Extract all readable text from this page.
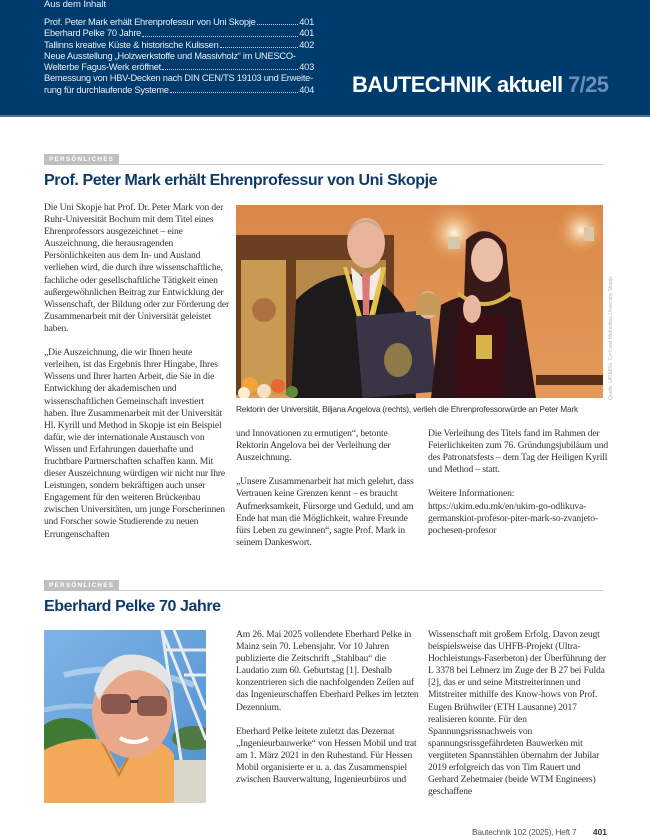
Aus dem Inhalt
Prof. Peter Mark erhält Ehrenprofessur von Uni Skopje	401
Eberhard Pelke 70 Jahre	401
Tallinns kreative Küste & historische Kulissen	402
Neue Ausstellung „Holzwerkstoffe und Massivholz“ im UNESCO-
Welterbe Fagus-Werk eröffnet	403
Bemessung von HBV-Decken nach DIN CEN/TS 19103 und Erweite-
rung für durchlaufende Systeme	404 BAUTECHNIK aktuell 7/25
PERSÖNLICHES
Prof. Peter Mark erhält Ehrenprofessur von Uni Skopje

Die Uni Skopje hat Prof. Dr. Peter Mark von der Ruhr-Universität Bochum mit dem Titel eines Ehrenprofessors ausgezeichnet – eine Auszeichnung, die herausragenden Persönlichkeiten aus dem In- und Ausland verliehen wird, die durch ihre wissenschaftliche, fachliche oder gesellschaftliche Tätigkeit einen außergewöhnlichen Beitrag zur Entwicklung der Wissenschaft, der Bildung oder zur Förderung der Zusammenarbeit mit der Universität geleistet haben.

„Die Auszeichnung, die wir Ihnen heute verleihen, ist das Ergebnis Ihrer Hingabe, Ihres Wissens und Ihrer harten Arbeit, die Sie in die Entwicklung der akademischen und wissenschaftlichen Gemeinschaft investiert haben. Ihre Zusammenarbeit mit der Universität Hl. Kyrill und Method in Skopje ist ein Beispiel dafür, wie der internationale Austausch von Wissen und Erfahrungen dauerhafte und fruchtbare Partnerschaften schaffen kann. Mit dieser Auszeichnung würdigen wir nicht nur Ihre Leistungen, sondern bekräftigen auch unser Engagement für den weiteren Brückenbau zwischen Universitäten, um junge Forscherinnen und Forscher sowie Studierende zu neuen Errungenschaften

Quelle: UKIM/Ss. Cyril and Methodius University Skopje
Rektorin der Universität, Biljana Angelova (rechts), verlieh die Ehrenprofessorwürde an Peter Mark

und Innovationen zu ermutigen“, betonte Rektorin Angelova bei der Verleihung der Auszeichnung.

„Unsere Zusammenarbeit hat mich gelehrt, dass Vertrauen keine Grenzen kennt – es braucht Aufmerksamkeit, Fürsorge und Geduld, und am Ende hat man die Möglichkeit, wahre Freunde fürs Leben zu gewinnen“, sagte Prof. Mark in seinem Dankeswort.

Die Verleihung des Titels fand im Rahmen der Feierlichkeiten zum 76. Gründungsjubiläum und des Patronatsfests – dem Tag der Heiligen Kyrill und Method – statt.

Weitere Informationen: https://ukim.edu.mk/en/ukim-go-odlikuva-germanskiot-profesor-piter-mark-so-zvanjeto-pochesen-profesor

PERSÖNLICHES
Eberhard Pelke 70 Jahre

Am 26. Mai 2025 vollendete Eberhard Pelke in Mainz sein 70. Lebensjahr. Vor 10 Jahren publizierte die Zeitschrift „Stahlbau“ die Laudatio zum 60. Geburtstag [1]. Deshalb konzentrieren sich die nachfolgenden Zeilen auf das Ingenieurschaffen Eberhard Pelkes im letzten Dezennium.

Eberhard Pelke leitete zuletzt das Dezernat „Ingenieurbauwerke“ von Hessen Mobil und trat am 1. März 2021 in den Ruhestand. Für Hessen Mobil organisierte er u. a. das Zusammenspiel zwischen Bauverwaltung, Ingenieurbüros und

Wissenschaft mit großem Erfolg. Davon zeugt beispielsweise das UHFB-Projekt (Ultra-Hochleistungs-Faserbeton) der Überführung der L 3378 bei Lehnerz im Zuge der B 27 bei Fulda [2], das er und seine Mitstreiterinnen und Mitstreiter mithilfe des Know-hows von Prof. Eugen Brühwiler (ETH Lausanne) 2017 realisieren konnte. Für den Spannungsrissnachweis von spannungsrissgefährdeten Bauwerken mit vergüteten Spannstählen übernahm der Jubilar 2019 erfolgreich das von Tim Rauert und Gerhard Zehetmaier (beide WTM Engineers) geschaffene

Bautechnik 102 (2025), Heft 7 401
